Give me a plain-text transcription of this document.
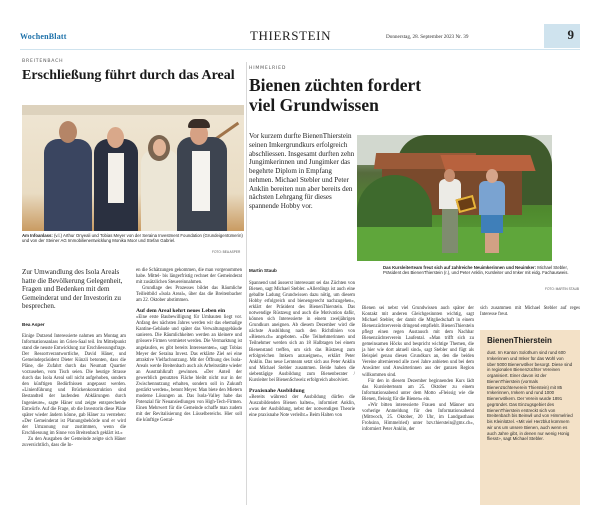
WochenBlatt	THIERSTEIN	Donnerstag, 28. September 2023 Nr. 39	9
BREITENBACH
Erschließung führt durch das Areal
Am Infoanlass: (v.l.) Arthur Onyeali und Tobias Meyer von der Seraina Investment Foundation (Grundeigentümerin) und von der Steiner AG Immobilienentwicklung Monika Moor und Stefan Gabriel.
FOTO: BEA ASPER
Zur Umwandlung des Isola Areals hatte die Bevölkerung Gelegenheit, Fragen und Bedenken mit dem Gemeinderat und der Investorin zu besprechen.
Bea Asper

Einige Dutzend Interessierte nahmen am Montag am Informationsanlass im Grien-Saal teil. Im Mittelpunkt stand die neuste Entwicklung zur Erschliessungsfrage. Der Ressortverantwortliche, David Häner, und Gemeindepräsident Dieter Künzli betonten, dass die Pläne, die Zufahrt durch das Neumatt Quartier vorzusehen, vom Tisch seien. Die heutige Strasse durch das Isola Areal soll nicht aufgehoben, sondern den künftigen Bedürfnissen angepasst werden. «Linienführung und Brückenkonstruktion sind Bestandteil der laufenden Abklärungen durch Ingenieure», sagte Häner und zeigte entsprechende Entwürfe. Auf die Frage, ob die Investorin diese Pläne später wieder ändern könne, gab Häner zu verstehen: «Der Gemeinderat ist Planungsbehörde und er wird der Umzonung nur zustimmen, wenn die Erschliessung im Sinne von Breitenbach geklärt ist.»

Zu den Ausgaben der Gemeinde zeigte sich Häner zuversichtlich, dass die In-

en die Schätzungen gekommen, die man vorgenommen habe. Mittel- bis längerfristig rechnet der Gemeinderat mit zusätzlichen Steuereinnahmen.

Grundlage des Prozesses bildet das Räumliche Teilleitbild «Isola Areal», über das die Breitenbacher am 22. Oktober abstimmen.

Auf dem Areal kehrt neues Leben ein

«Eine erste Baubewilligung für Umbauten liegt vor. Anfang des nächsten Jahres werden wir das ehemalige Kantine-Gebäude und später das Verwaltungsgebäude sanieren. Die Räumlichkeiten werden an kleinere und grössere Firmen vermietet werden. Die Vermarktung ist angelaufen, es gibt bereits Interessenten», sagt Tobias Meyer der Seraina Invest. Das erklärte Ziel sei eine attraktive Vielfachnutzung. Mit der Öffnung des Isola-Areals werde Breitenbach auch als Arbeitsstätte wieder an Ausstrahlkraft gewinnen. «Der Anteil der gewerblich genutzten Fläche bleibt nicht nur in der Zwischennutzung erhalten, sondern soll in Zukunft gestärkt werden», betont Meyer. Man biete den Mietern moderne Lösungen an. Das Isola-Valley habe das Potenzial für Neuansiedlungen von High-Tech-Firmen. Einen Mehrwert für die Gemeinde schaffe man zudem mit der Revitalisierung des Lüsselbereichs. Hier soll die künftige Gestal-

HIMMELRIED
Bienen züchten fordert
viel Grundwissen
Vor kurzem durfte BienenThierstein seinen Imkergrundkurs erfolgreich abschliessen. Insgesamt durften zehn Jungimkerinnen und Jungimker das begehrte Diplom in Empfang nehmen. Michael Stebler und Peter Anklin bereiten nun aber bereits den nächsten Lehrgang für dieses spannende Hobby vor.
Martin Staub
Das Kursleiterteam freut sich auf zahlreiche Neuimkerinnen und Neuimker: Michael Stebler, Präsident des BienenThierstein (r.), und Peter Anklin, Kursleiter und Imker mit eidg. Fachausweis.
FOTO: MARTIN STAUB

Spannend und äusserst interessant sei das Züchten von Bienen, sagt Michael Stebler. «Allerdings ist auch eine geballte Ladung Grundwissen dazu nötig, um diesem Hobby erfolgreich und bienengerecht nachzugehen», erklärt der Präsident des BienenThierstein. Das notwendige Rüstzeug und auch die Motivation dafür, können sich Interessierte in einem zweijährigen Grundkurs aneignen. Ab diesem Dezember wird die nächste Ausbildung nach den Richtlinien von «Bienen.ch» angeboten. «Die Teilnehmerinnen und Teilnehmer werden sich an 18 Halbtagen bei einem Bienenstand treffen, um sich das Rüstzeug zum erfolgreichen Imkern anzueignen», erklärt Peter Anklin. Das neue Lernteam setzt sich aus Peter Anklin und Michael Stebler zusammen. Beide haben die siebentägige Ausbildung zum Bienenberater / Kursleiter bei BienenSchweiz erfolgreich absolviert.

Praxisnahe Ausbildung

«Bereits während der Ausbildung dürfen die Auszubildenden Bienen halten», informiert Anklin, «was der Ausbildung, nebst der notwendigen Theorie eine praxisnahe Note verleiht.» Beim Halten von

Bienen sei nebst viel Grundwissen auch später der Kontakt mit anderen Gleichgesinnten wichtig, sagt Michael Stebler, der damit die Mitgliedschaft in einem Bienenzüchterverein dringend empfiehlt. BienenThierstein pflegt einen regen Austausch mit dem Nachbar Bienenzüchterverein Laufental. «Man trifft sich zu gemeinsamen Höcks und bespricht wichtige Themen, die ja hier wie dort aktuell sind», sagt Stebler und fügt als Beispiel genau diesen Grundkurs an, den die beiden Vereine alternierend alle zwei Jahre anbieten und bei dem Anwärter und Anwärterinnen aus der ganzen Region willkommen sind.

Für den in diesem Dezember beginnenden Kurs lädt das Kursleiterteam am 25. Oktober zu einem Informationsabend unter dem Motto «Fleissig wie die Bienen, fleissig für die Bienen» ein.

«Wir bitten interessierte Frauen und Männer um vorherige Anmeldung für den Informationsabend (Mittwoch, 25. Oktober, 20 Uhr, im Landgasthaus Frohsinn, Himmelried) unter bzv.thierstein@gmx.ch», informiert Peter Anklin, der

sich zusammen mit Michael Stebler auf reges Interesse freut.

BienenThierstein

dust. Im Kanton Solothurn sind rund 600 Imkerinnen und Imker für das Wohl von über 5000 Bienenvölker besorgt. Diese sind in regionalen Bienenzüchter Vereinen organisiert. Einer davon ist der BienenThierstein (vormals Bienenzüchterverein Thierstein) mit 85 Imkerinnen, Imkern und rund 1000 Bienenvölkern. Der Verein wurde 1891 gegründet. Das Einzugsgebiet des BienenThierstein erstreckt sich von Breitenbach bis Beinwil und von Himmelried bis Kleinlützel. «Mit viel Herzblut kümmern wir uns um unsere Bienen, auch wenn es auch Jahre gibt, in denen nur wenig Honig fliesst», sagt Michael Stebler.
